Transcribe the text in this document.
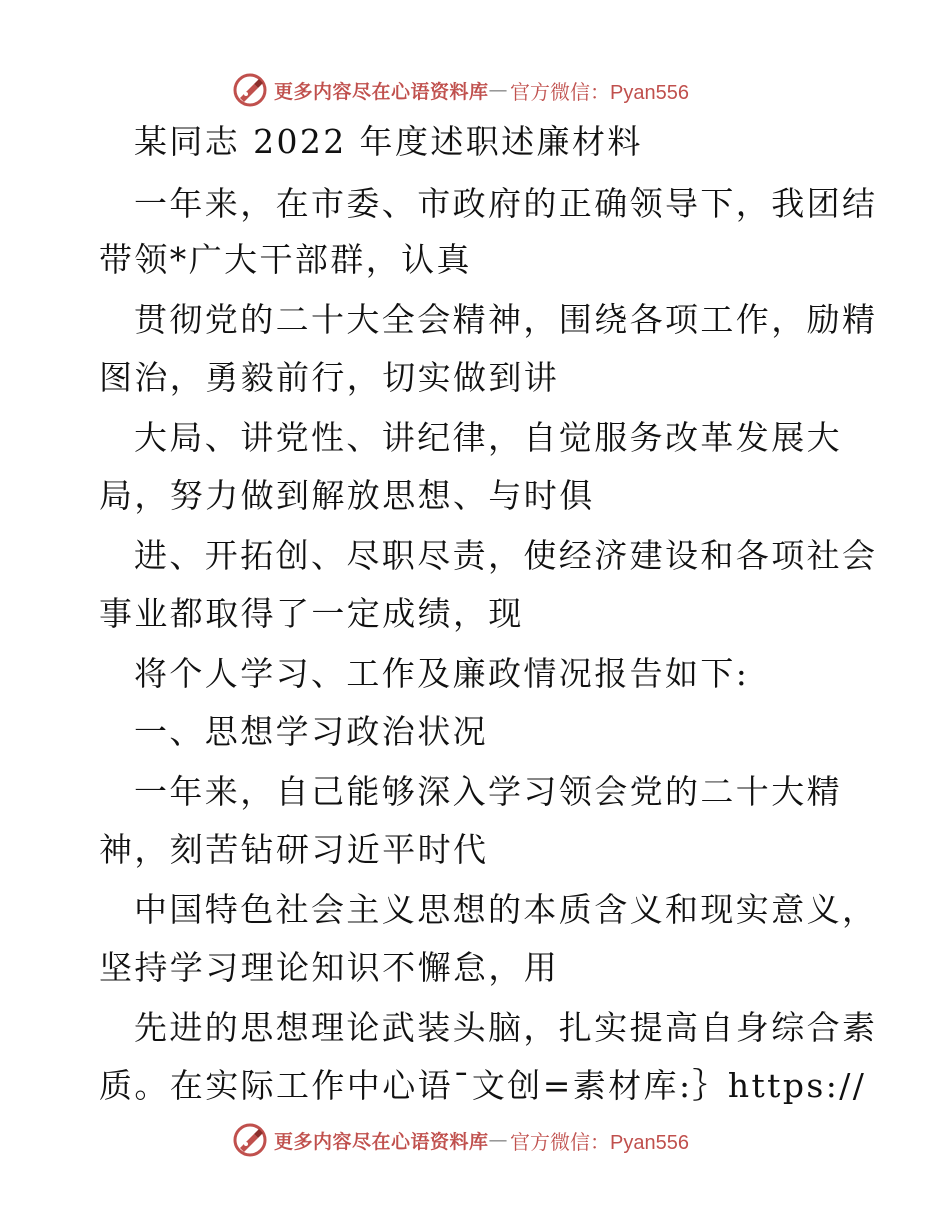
更多内容尽在心语资料库 — 官方微信：Pyan556
某同志 2022 年度述职述廉材料
一年来，在市委、市政府的正确领导下，我团结
带领*广大干部群，认真
贯彻党的二十大全会精神，围绕各项工作，励精
图治，勇毅前行，切实做到讲
大局、讲党性、讲纪律，自觉服务改革发展大
局，努力做到解放思想、与时俱
进、开拓创、尽职尽责，使经济建设和各项社会
事业都取得了一定成绩，现
将个人学习、工作及廉政情况报告如下:
一、思想学习政治状况
一年来，自己能够深入学习领会党的二十大精
神，刻苦钻研习近平时代
中国特色社会主义思想的本质含义和现实意义，
坚持学习理论知识不懈怠，用
先进的思想理论武装头脑，扎实提高自身综合素
质。在实际工作中心语¯文创=素材库:｝https://
更多内容尽在心语资料库 — 官方微信：Pyan556
